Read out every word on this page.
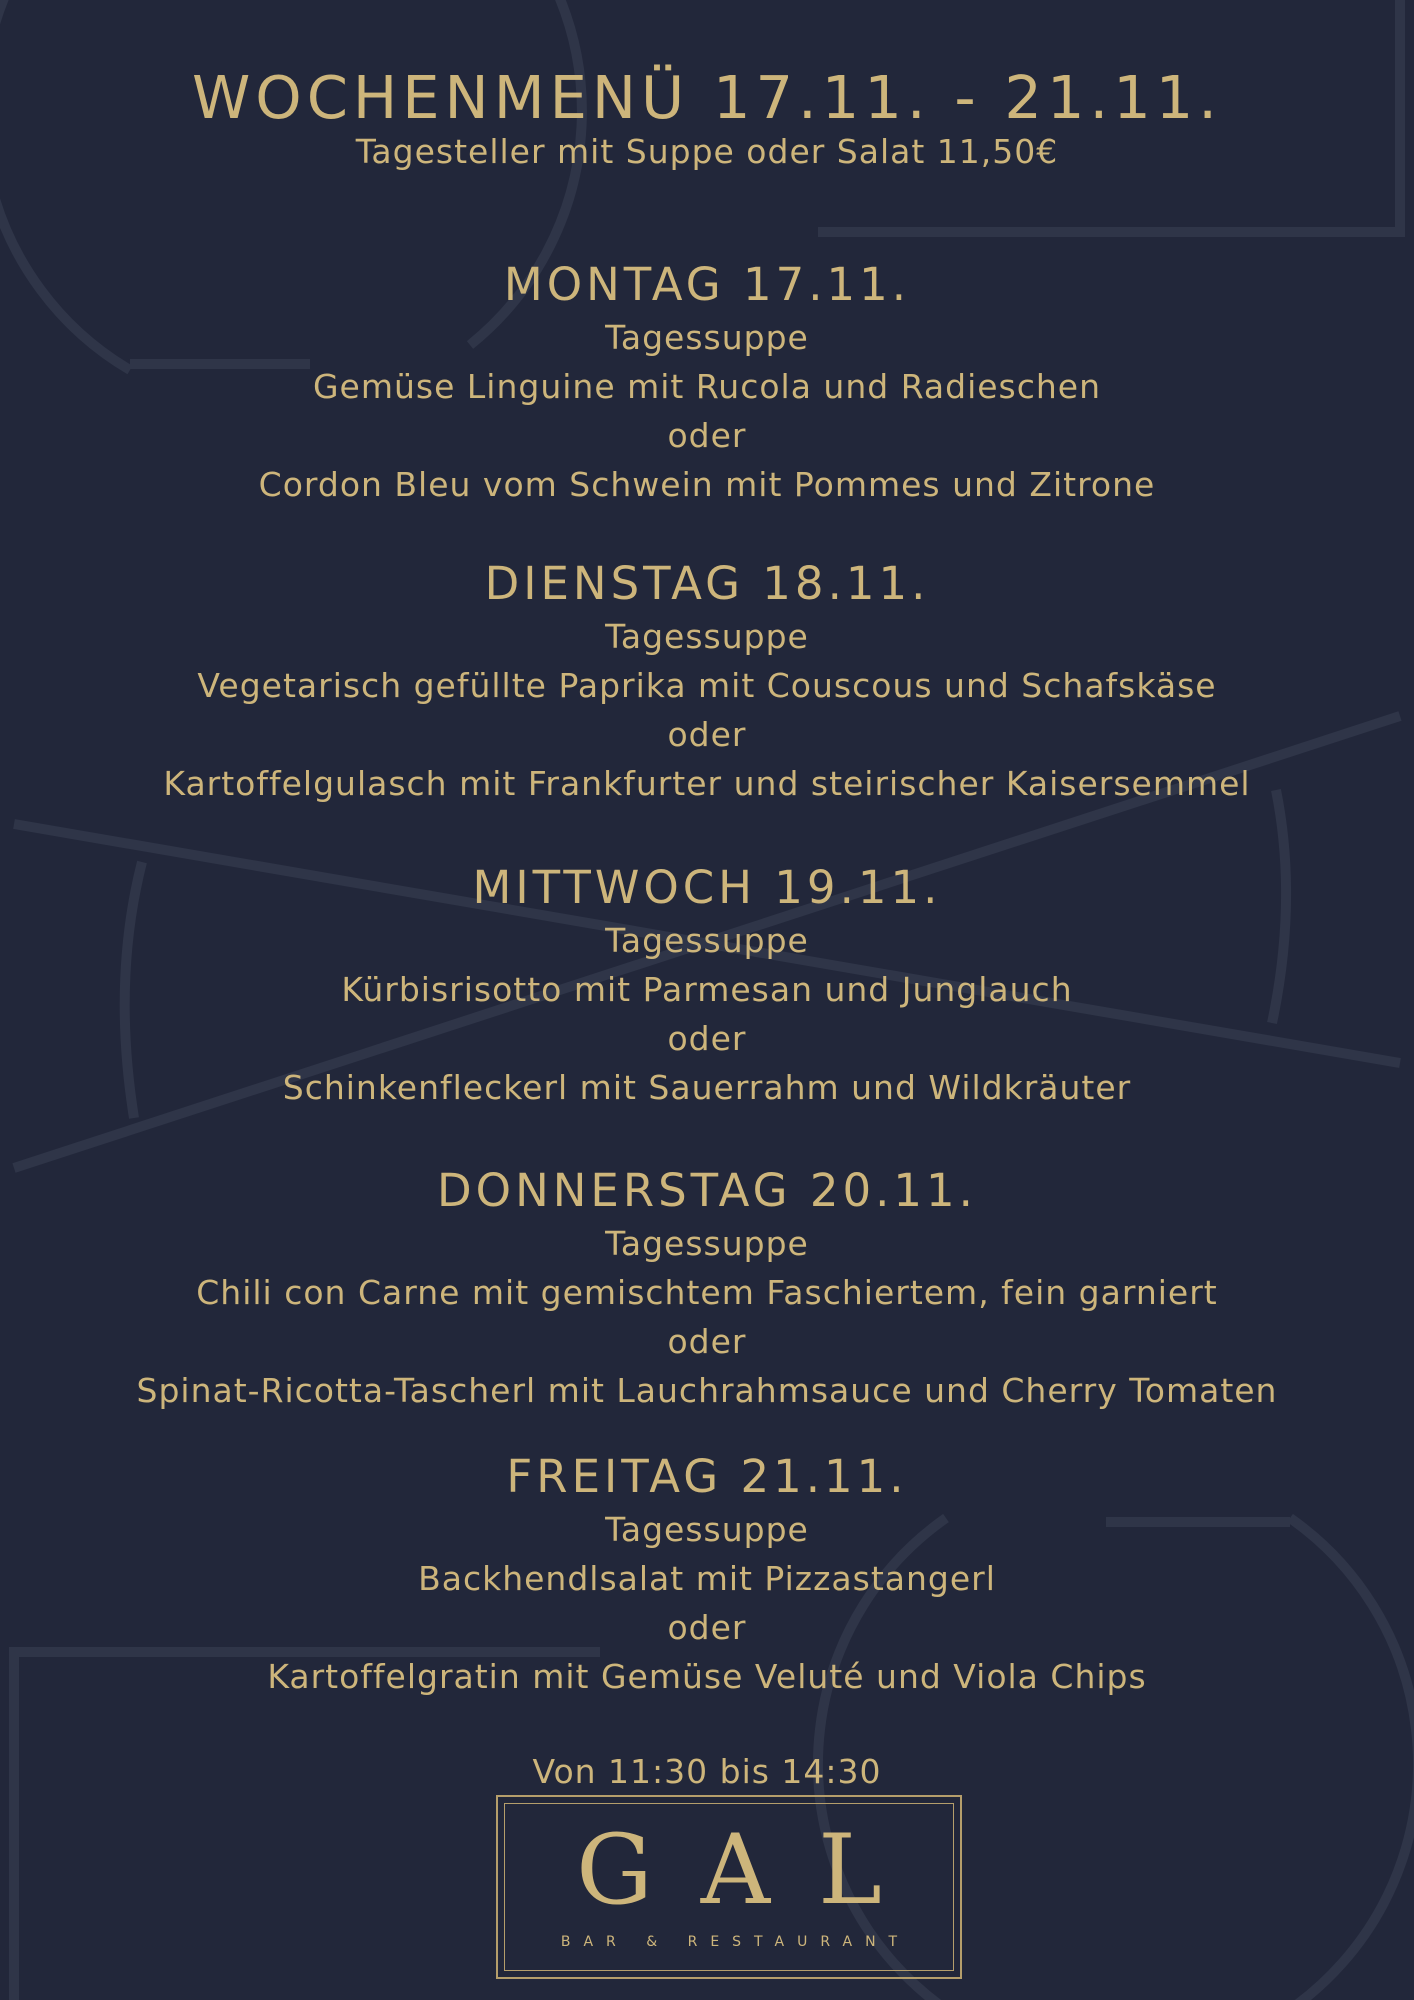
WOCHENMENÜ 17.11. - 21.11.
Tagesteller mit Suppe oder Salat 11,50€
MONTAG 17.11.
Tagessuppe
Gemüse Linguine mit Rucola und Radieschen
oder
Cordon Bleu vom Schwein mit Pommes und Zitrone
DIENSTAG 18.11.
Tagessuppe
Vegetarisch gefüllte Paprika mit Couscous und Schafskäse
oder
Kartoffelgulasch mit Frankfurter und steirischer Kaisersemmel
MITTWOCH 19.11.
Tagessuppe
Kürbisrisotto mit Parmesan und Junglauch
oder
Schinkenfleckerl mit Sauerrahm und Wildkräuter
DONNERSTAG 20.11.
Tagessuppe
Chili con Carne mit gemischtem Faschiertem, fein garniert
oder
Spinat-Ricotta-Tascherl mit Lauchrahmsauce und Cherry Tomaten
FREITAG 21.11.
Tagessuppe
Backhendlsalat mit Pizzastangerl
oder
Kartoffelgratin mit Gemüse Veluté und Viola Chips
Von 11:30 bis 14:30
GAL
BAR & RESTAURANT
